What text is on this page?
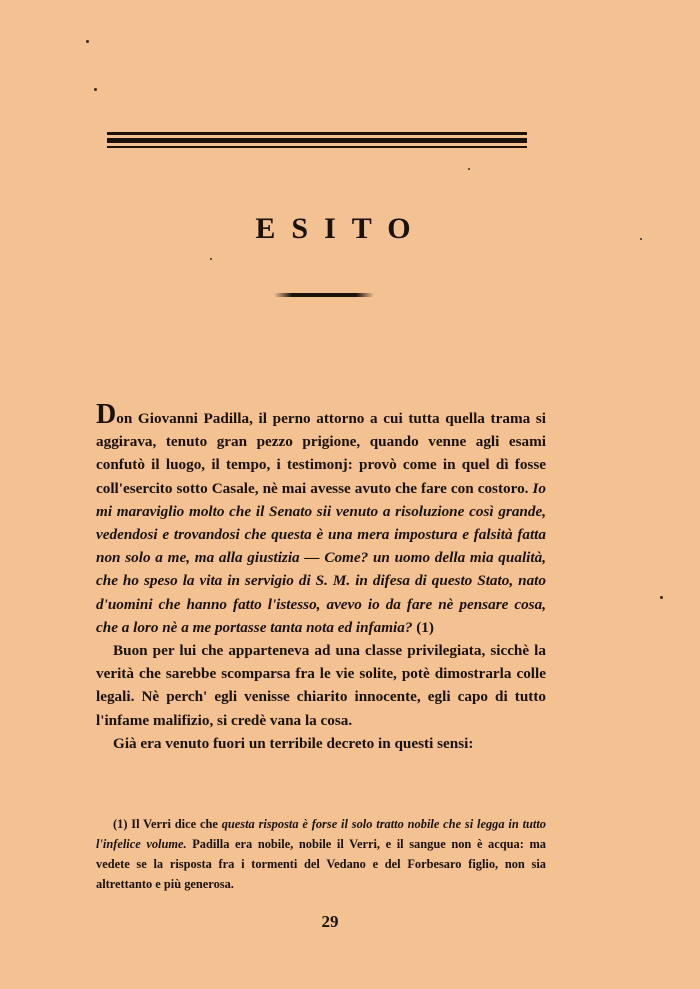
ESITO

Don Giovanni Padilla, il perno attorno a cui tutta quella trama si aggirava, tenuto gran pezzo prigione, quando venne agli esami confutò il luogo, il tempo, i testimonj: provò come in quel dì fosse coll'esercito sotto Casale, nè mai avesse avuto che fare con costoro. Io mi maraviglio molto che il Senato sii venuto a risoluzione così grande, vedendosi e trovandosi che questa è una mera impostura e falsità fatta non solo a me, ma alla giustizia — Come? un uomo della mia qualità, che ho speso la vita in servigio di S. M. in difesa di questo Stato, nato d'uomini che hanno fatto l'istesso, avevo io da fare nè pensare cosa, che a loro nè a me portasse tanta nota ed infamia? (1)

Buon per lui che apparteneva ad una classe privilegiata, sicchè la verità che sarebbe scomparsa fra le vie solite, potè dimostrarla colle legali. Nè perch' egli venisse chiarito innocente, egli capo di tutto l'infame malifizio, si credè vana la cosa.

Già era venuto fuori un terribile decreto in questi sensi:

(1) Il Verri dice che questa risposta è forse il solo tratto nobile che si legga in tutto l'infelice volume. Padilla era nobile, nobile il Verri, e il sangue non è acqua: ma vedete se la risposta fra i tormenti del Vedano e del Forbesaro figlio, non sia altrettanto e più generosa.

29
